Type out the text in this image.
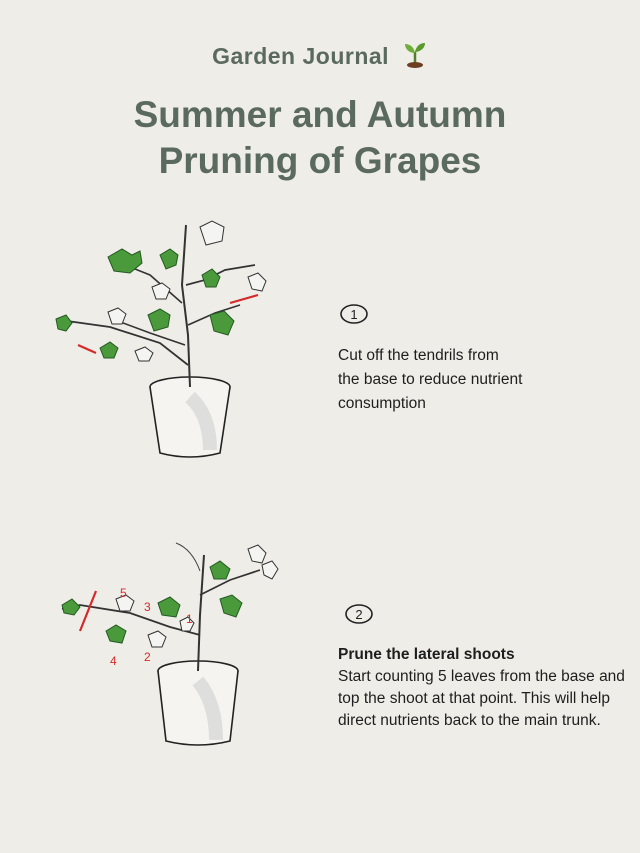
Garden Journal
Summer and Autumn
Pruning of Grapes
1
Cut off the tendrils from
the base to reduce nutrient
consumption
5
3
1
2
4
2
Prune the lateral shoots
Start counting 5 leaves from the base and top the shoot at that point. This will help direct nutrients back to the main trunk.
